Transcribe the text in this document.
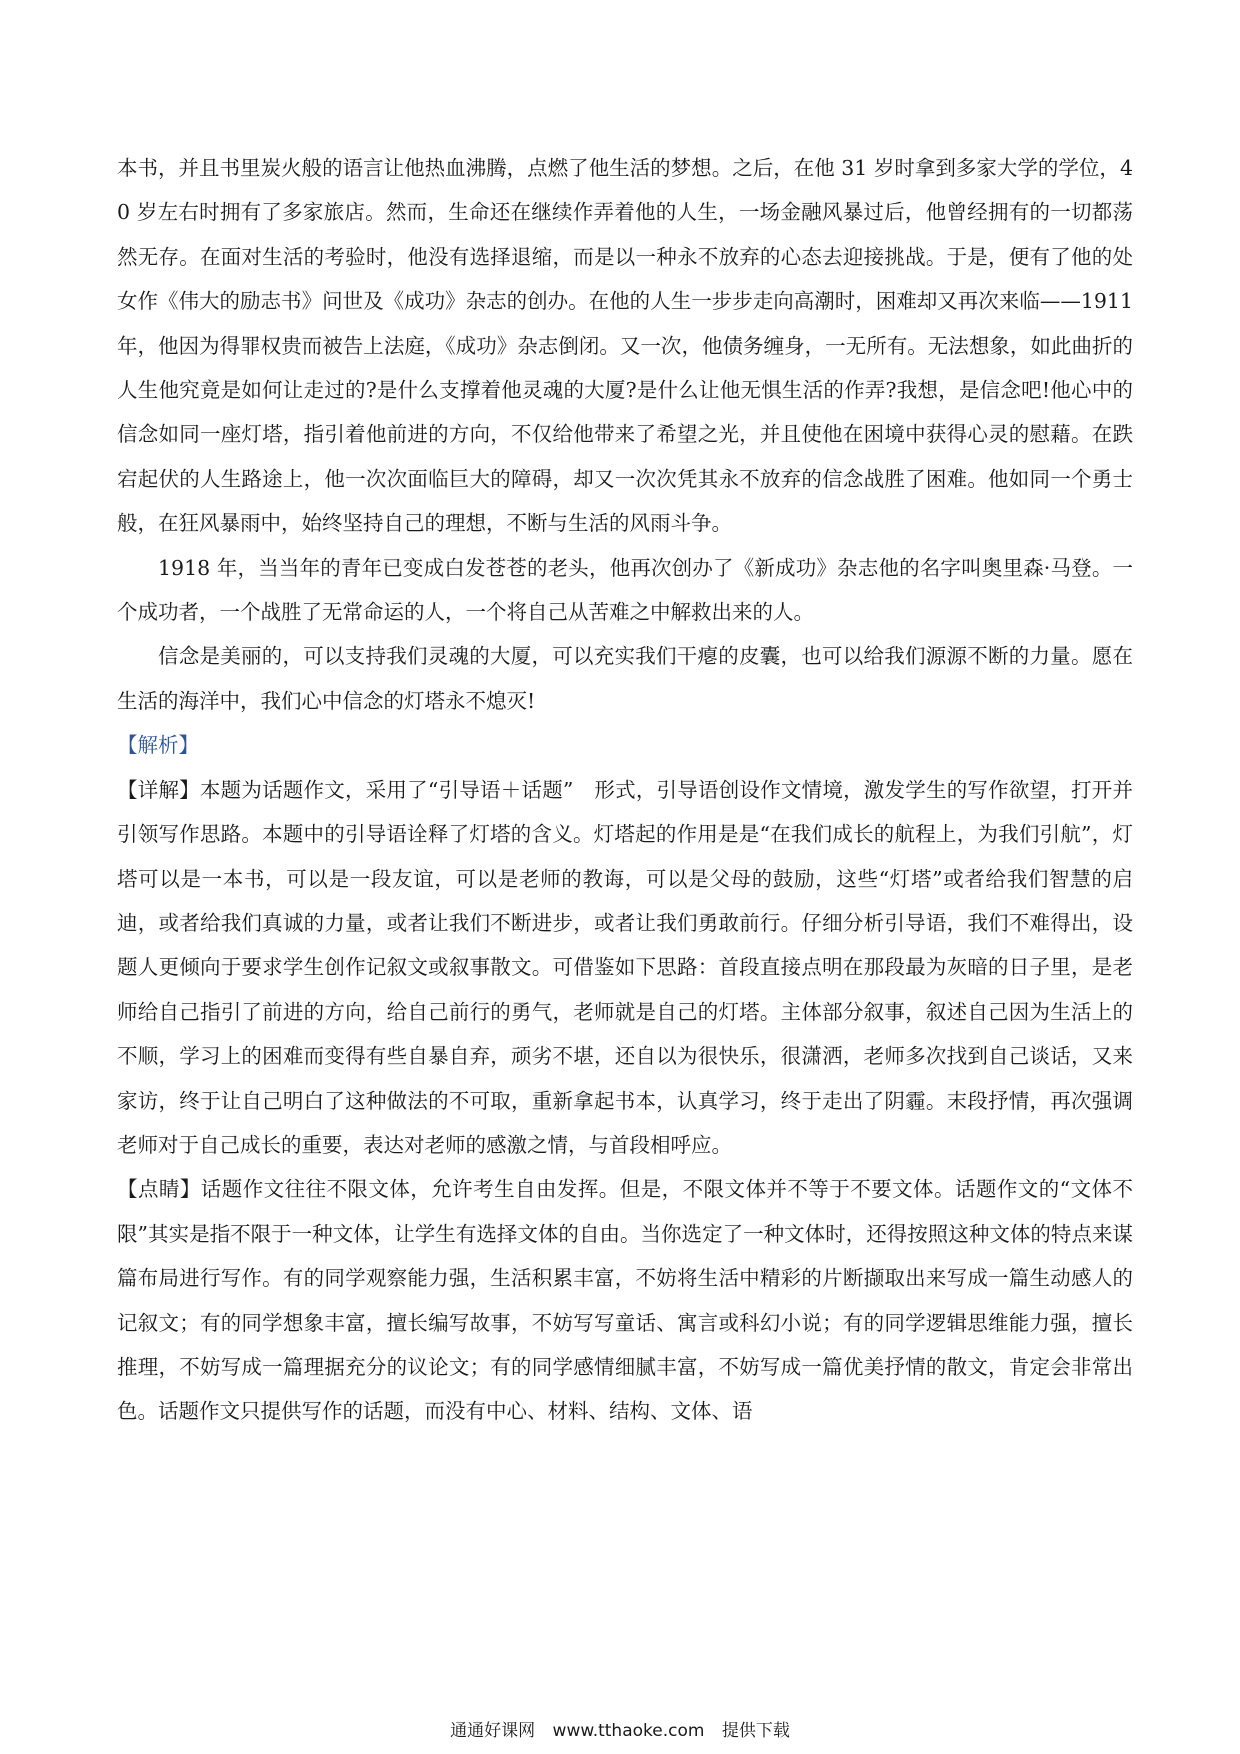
本书，并且书里炭火般的语言让他热血沸腾，点燃了他生活的梦想。之后，在他 31 岁时拿到多家大学的学位，40 岁左右时拥有了多家旅店。然而，生命还在继续作弄着他的人生，一场金融风暴过后，他曾经拥有的一切都荡然无存。在面对生活的考验时，他没有选择退缩，而是以一种永不放弃的心态去迎接挑战。于是，便有了他的处女作《伟大的励志书》问世及《成功》杂志的创办。在他的人生一步步走向高潮时，困难却又再次来临——1911 年，他因为得罪权贵而被告上法庭，《成功》杂志倒闭。又一次，他债务缠身，一无所有。无法想象，如此曲折的人生他究竟是如何让走过的?是什么支撑着他灵魂的大厦?是什么让他无惧生活的作弄?我想，是信念吧!他心中的信念如同一座灯塔，指引着他前进的方向，不仅给他带来了希望之光，并且使他在困境中获得心灵的慰藉。在跌宕起伏的人生路途上，他一次次面临巨大的障碍，却又一次次凭其永不放弃的信念战胜了困难。他如同一个勇士般，在狂风暴雨中，始终坚持自己的理想，不断与生活的风雨斗争。

1918 年，当当年的青年已变成白发苍苍的老头，他再次创办了《新成功》杂志他的名字叫奥里森·马登。一个成功者，一个战胜了无常命运的人，一个将自己从苦难之中解救出来的人。

信念是美丽的，可以支持我们灵魂的大厦，可以充实我们干瘪的皮囊，也可以给我们源源不断的力量。愿在生活的海洋中，我们心中信念的灯塔永不熄灭!

【解析】

【详解】本题为话题作文，采用了“引导语＋话题”　形式，引导语创设作文情境，激发学生的写作欲望，打开并引领写作思路。本题中的引导语诠释了灯塔的含义。灯塔起的作用是是“在我们成长的航程上，为我们引航”，灯塔可以是一本书，可以是一段友谊，可以是老师的教诲，可以是父母的鼓励，这些“灯塔”或者给我们智慧的启迪，或者给我们真诚的力量，或者让我们不断进步，或者让我们勇敢前行。仔细分析引导语，我们不难得出，设题人更倾向于要求学生创作记叙文或叙事散文。可借鉴如下思路：首段直接点明在那段最为灰暗的日子里，是老师给自己指引了前进的方向，给自己前行的勇气，老师就是自己的灯塔。主体部分叙事，叙述自己因为生活上的不顺，学习上的困难而变得有些自暴自弃，顽劣不堪，还自以为很快乐，很潇洒，老师多次找到自己谈话，又来家访，终于让自己明白了这种做法的不可取，重新拿起书本，认真学习，终于走出了阴霾。末段抒情，再次强调老师对于自己成长的重要，表达对老师的感激之情，与首段相呼应。

【点睛】话题作文往往不限文体，允许考生自由发挥。但是，不限文体并不等于不要文体。话题作文的“文体不限”其实是指不限于一种文体，让学生有选择文体的自由。当你选定了一种文体时，还得按照这种文体的特点来谋篇布局进行写作。有的同学观察能力强，生活积累丰富，不妨将生活中精彩的片断撷取出来写成一篇生动感人的记叙文；有的同学想象丰富，擅长编写故事，不妨写写童话、寓言或科幻小说；有的同学逻辑思维能力强，擅长推理，不妨写成一篇理据充分的议论文；有的同学感情细腻丰富，不妨写成一篇优美抒情的散文，肯定会非常出色。话题作文只提供写作的话题，而没有中心、材料、结构、文体、语

通通好课网 www.tthaoke.com 提供下载
